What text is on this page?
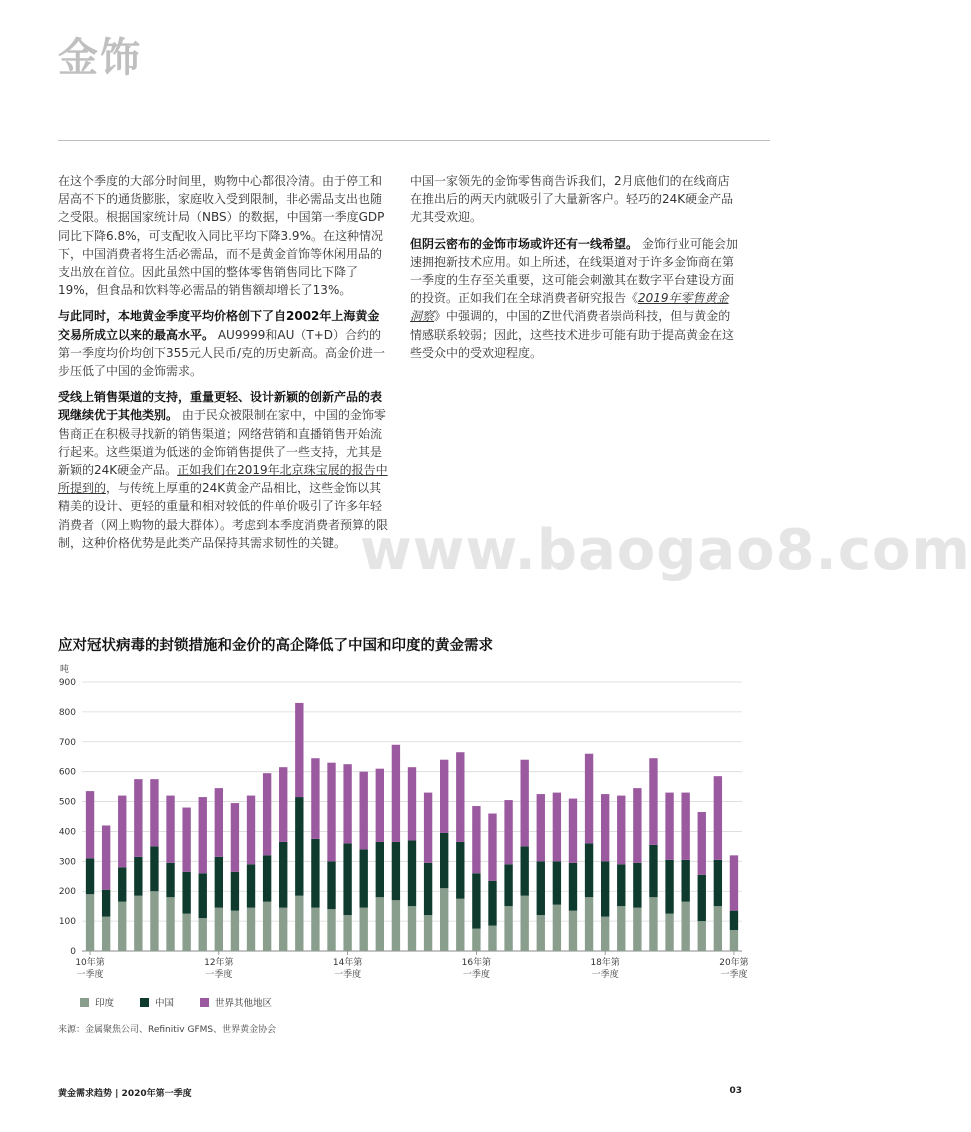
金饰

在这个季度的大部分时间里，购物中心都很冷清。由于停工和居高不下的通货膨胀，家庭收入受到限制，非必需品支出也随之受限。根据国家统计局（NBS）的数据，中国第一季度GDP同比下降6.8%，可支配收入同比平均下降3.9%。在这种情况下，中国消费者将生活必需品，而不是黄金首饰等休闲用品的支出放在首位。因此虽然中国的整体零售销售同比下降了19%，但食品和饮料等必需品的销售额却增长了13%。

与此同时，本地黄金季度平均价格创下了自2002年上海黄金交易所成立以来的最高水平。 AU9999和AU（T+D）合约的第一季度均价均创下355元人民币/克的历史新高。高金价进一步压低了中国的金饰需求。

受线上销售渠道的支持，重量更轻、设计新颖的创新产品的表现继续优于其他类别。 由于民众被限制在家中，中国的金饰零售商正在积极寻找新的销售渠道；网络营销和直播销售开始流行起来。这些渠道为低迷的金饰销售提供了一些支持，尤其是新颖的24K硬金产品。正如我们在2019年北京珠宝展的报告中所提到的，与传统上厚重的24K黄金产品相比，这些金饰以其精美的设计、更轻的重量和相对较低的件单价吸引了许多年轻消费者（网上购物的最大群体）。考虑到本季度消费者预算的限制，这种价格优势是此类产品保持其需求韧性的关键。

中国一家领先的金饰零售商告诉我们，2月底他们的在线商店在推出后的两天内就吸引了大量新客户。轻巧的24K硬金产品尤其受欢迎。

但阴云密布的金饰市场或许还有一线希望。 金饰行业可能会加速拥抱新技术应用。如上所述，在线渠道对于许多金饰商在第一季度的生存至关重要，这可能会刺激其在数字平台建设方面的投资。正如我们在全球消费者研究报告《2019年零售黄金洞察》中强调的，中国的Z世代消费者崇尚科技，但与黄金的情感联系较弱；因此，这些技术进步可能有助于提高黄金在这些受众中的受欢迎程度。

www.baogao8.com
应对冠状病毒的封锁措施和金价的高企降低了中国和印度的黄金需求
吨
0
100
200
300
400
500
600
700
800
900
10年第
一季度
12年第
一季度
14年第
一季度
16年第
一季度
18年第
一季度
20年第
一季度
印度	中国	世界其他地区
来源：金属聚焦公司、Refinitiv GFMS、世界黄金协会
黄金需求趋势 | 2020年第一季度	03
